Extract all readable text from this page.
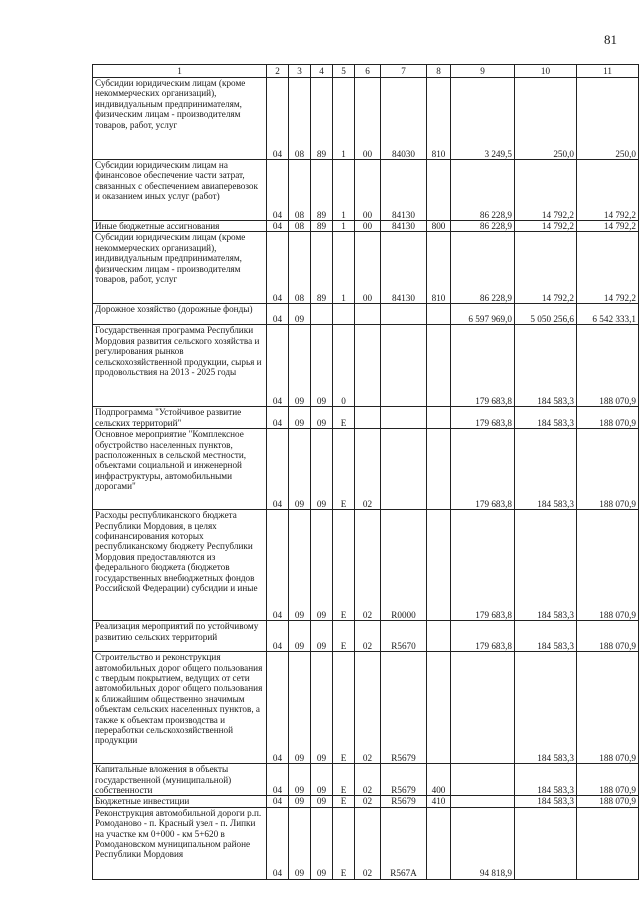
81
1	2	3	4	5	6	7	8	9	10	11
Субсидии юридическим лицам (кроме некоммерческих организаций), индивидуальным предпринимателям, физическим лицам - производителям товаров, работ, услуг	04	08	89	1	00	84030	810	3 249,5	250,0	250,0
Субсидии юридическим лицам на финансовое обеспечение части затрат, связанных с обеспечением авиаперевозок и оказанием иных услуг (работ)	04	08	89	1	00	84130		86 228,9	14 792,2	14 792,2
Иные бюджетные ассигнования	04	08	89	1	00	84130	800	86 228,9	14 792,2	14 792,2
Субсидии юридическим лицам (кроме некоммерческих организаций), индивидуальным предпринимателям, физическим лицам - производителям товаров, работ, услуг	04	08	89	1	00	84130	810	86 228,9	14 792,2	14 792,2
Дорожное хозяйство (дорожные фонды)	04	09						6 597 969,0	5 050 256,6	6 542 333,1
Государственная программа Республики Мордовия развития сельского хозяйства и регулирования рынков сельскохозяйственной продукции, сырья и продовольствия на 2013 - 2025 годы	04	09	09	0				179 683,8	184 583,3	188 070,9
Подпрограмма "Устойчивое развитие сельских территорий"	04	09	09	Е				179 683,8	184 583,3	188 070,9
Основное мероприятие "Комплексное обустройство населенных пунктов, расположенных в сельской местности, объектами социальной и инженерной инфраструктуры, автомобильными дорогами"	04	09	09	Е	02			179 683,8	184 583,3	188 070,9
Расходы республиканского бюджета Республики Мордовия, в целях софинансирования которых республиканскому бюджету Республики Мордовия предоставляются из федерального бюджета (бюджетов государственных внебюджетных фондов Российской Федерации) субсидии и иные	04	09	09	Е	02	R0000		179 683,8	184 583,3	188 070,9
Реализация мероприятий по устойчивому развитию сельских территорий	04	09	09	Е	02	R5670		179 683,8	184 583,3	188 070,9
Строительство и реконструкция автомобильных дорог общего пользования с твердым покрытием, ведущих от сети автомобильных дорог общего пользования к ближайшим общественно значимым объектам сельских населенных пунктов, а также к объектам производства и переработки сельскохозяйственной продукции	04	09	09	Е	02	R5679			184 583,3	188 070,9
Капитальные вложения в объекты государственной (муниципальной) собственности	04	09	09	Е	02	R5679	400		184 583,3	188 070,9
Бюджетные инвестиции	04	09	09	Е	02	R5679	410		184 583,3	188 070,9
Реконструкция автомобильной дороги р.п. Ромоданово - п. Красный узел - п. Липки на участке км 0+000 - км 5+620 в Ромодановском муниципальном районе Республики Мордовия	04	09	09	Е	02	R567A		94 818,9		
